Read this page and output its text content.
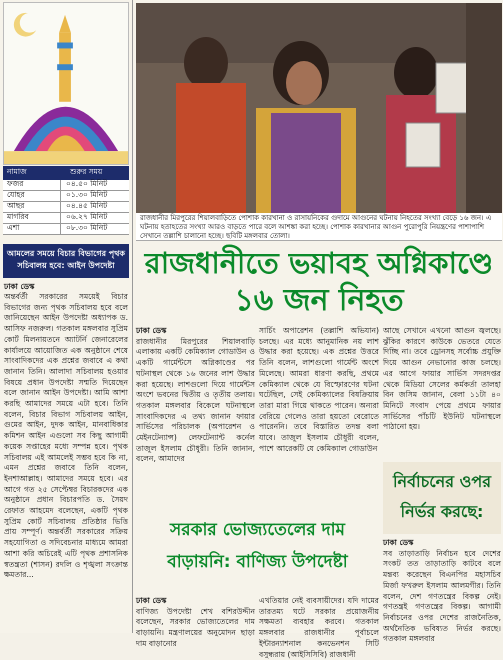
নামাজ	শুরুর সময়
ফজর	০৪.৫০ মিনিট
যোহর	০১.৩০ মিনিট
আছর	০৪.৪৫ মিনিট
মাগরিব	০৬.২৭ মিনিট
এশা	০৮.৩০ মিনিট
আমলের সময়ে বিচার বিভাগের পৃথক সচিবালয় হবে: আইন উপদেষ্টা
ঢাকা ডেস্ক
অন্তর্বর্তী সরকারের সময়েই বিচার বিভাগের জন্য পৃথক সচিবালয় হবে বলে জানিয়েছেন আইন উপদেষ্টা অধ্যাপক ড. আসিফ নজরুল। গতকাল মঙ্গলবার সুপ্রিম কোর্ট মিলনায়তনে অ্যাটর্নি জেনারেলের কার্যালয়ে আয়োজিত এক অনুষ্ঠানে শেষে সাংবাদিকদের এক প্রশ্নের জবাবে এ কথা জানান তিনি। আলাদা সচিবালয় হওয়ার বিষয়ে প্রধান উপদেষ্টা সম্মতি দিয়েছেন বলে জানান আইন উপদেষ্টা। আমি আশা করছি আমাদের সময়ে এটা হবে। তিনি বলেন, বিচার বিভাগ সচিবালয় আইন, গুমের আইন, দুদক আইন, মানবাধিকার কমিশন আইন এগুলো সব কিছু আগামী কয়েক সপ্তাহের মধ্যে সম্পন্ন হবে। পৃথক সচিবালয় এই আমলেই সম্ভব হবে কি না, এমন প্রশ্নের জবাবে তিনি বলেন, ইনশাআল্লাহ। আমাদের সময়ে হবে। এর আগে গত ২৫ সেপ্টেম্বর বিচারকদের এক অনুষ্ঠানে প্রধান বিচারপতি ড. সৈয়দ রেফাত আহমেদ বলেছেন, একটি পৃথক সুপ্রিম কোর্ট সচিবালয় প্রতিষ্ঠার ভিত্তি প্রায় সম্পূর্ণ। অন্তর্বর্তী সরকারের সক্রিয় সহযোগিতা ও সদিবেচনার মাধ্যমে আমরা আশা করি অচিরেই এটি পৃথক প্রশাসনিক স্বতন্ত্রতা (শাসন) রদলি ও শৃঙ্খলা সংক্রান্ত ক্ষমতার...
রাজধানীর মিরপুরের শিয়ালবাড়িতে পোশাক কারখানা ও রাসায়নিকের গুদামে আগুনের ঘটনায় নিহতের সংখ্যা বেড়ে ১৬ জন। এ ঘটনায় হতাহতের সংখ্যা আরও বাড়তে পারে বলে আশঙ্কা করা হচ্ছে। পোশাক কারখানার আগুন পুরোপুরি নিয়ন্ত্রণের পাশাপাশি সেখানে তল্লাশি চালানো হচ্ছে। ছবিটি মঙ্গলবার তোলা।
রাজধানীতে ভয়াবহ অগ্নিকাণ্ডে
১৬ জন নিহত
ঢাকা ডেস্ক
রাজধানীর মিরপুরের শিয়ালবাড়ি এলাকায় একটি কেমিক্যাল গোডাউন ও একটি গার্মেন্টসে অগ্নিকাণ্ডের পর ঘটনাস্থল থেকে ১৬ জনের লাশ উদ্ধার করা হয়েছে। লাশগুলো দিয়ে গার্মেন্টস অংশে ভবনের দ্বিতীয় ও তৃতীয় তলায়। গতকাল মঙ্গলবার বিকেলে ঘটনাস্থলে সাংবাদিকদের এ তথ্য জানান ফায়ার সার্ভিসের পরিচালক (অপারেশন ও মেইনটেন্যান্স) লেফটেন্যান্ট কর্নেল তাজুল ইসলাম চৌধুরী। তিনি জানান, বলেন, আমাদের
সার্চিং অপারেশন (তল্লাশি অভিযান) চলছে। এর মধ্যে আনুমানিক নয় লাশ উদ্ধার করা হয়েছে। এক প্রশ্নের উত্তরে তিনি বলেন, লাশগুলো গার্মেন্ট অংশে মিলেছে। আমরা ধারণা করছি, প্রথমে কেমিক্যাল থেকে যে বিস্ফোরণের ঘটনা ঘটেছিল, সেই কেমিক্যালের বিষক্রিয়ায় তারা মারা গিয়ে থাকতে পারেন। অন্যরা বেরিয়ে গেলেও তারা হয়তো বেরোতে পারেননি। তবে বিস্তারিত তদন্ত বলা যাবে। তাজুল ইসলাম চৌধুরী বলেন, পাশে আরেকটি যে কেমিক্যাল গোডাউন
আছে সেখানে এখনো আগুন জ্বলছে। ঝুঁকির কারণে কাউকে ভেতরে যেতে দিচ্ছি না। তবে ড্রোনসহ সর্বোচ্চ প্রযুক্তি দিয়ে আগুন নেভানোর কাজ চলছে। এর আগে ফায়ার সার্ভিস সদরদপ্তর থেকে মিডিয়া সেলের কর্মকর্তা তালহা বিন জসিম জানান, বেলা ১১টা ৪০ মিনিটে সংবাদ পেয়ে প্রথমে ফায়ার সার্ভিসের পাঁচটি ইউনিট ঘটনাস্থলে পাঠানো হয়।
সরকার ভোজ্যতেলের দাম
বাড়ায়নি: বাণিজ্য উপদেষ্টা
ঢাকা ডেস্ক
বাণিজ্য উপদেষ্টা শেখ বশিরউদ্দীন বলেছেন, সরকার ভোজ্যতেলের দাম বাড়ায়নি। মন্ত্রণালয়ের অনুমোদন ছাড়া দাম বাড়ানোর
এখতিয়ার নেই ব্যবসায়ীদের। যদি দামের তারতম্য ঘটে সরকার প্রয়োজনীয় সক্ষমতা ব্যবহার করবে। গতকাল মঙ্গলবার রাজধানীর পূর্বাচলে ইন্টারন্যাশনাল কনভেনশন সিটি বসুন্ধরায় (আইসিসিবি) রাজধানী
নির্বাচনের ওপর
নির্ভর করছে:
ঢাকা ডেস্ক
সব তাড়াতাড়ি নির্বাচন হবে দেশের সংকট তত তাড়াতাড়ি কাটবে বলে মন্তব্য করেছেন বিএনপির মহাসচিব মির্জা ফখরুল ইসলাম আলমগীর। তিনি বলেন, দেশ গণতন্ত্রের বিকল্প নেই। গণতন্ত্রই গণতন্ত্রের বিকল্প। আগামী নির্বাচনের ওপর দেশের রাজনৈতিক, অর্থনৈতিক ভবিষ্যত নির্ভর করছে। গতকাল মঙ্গলবার
